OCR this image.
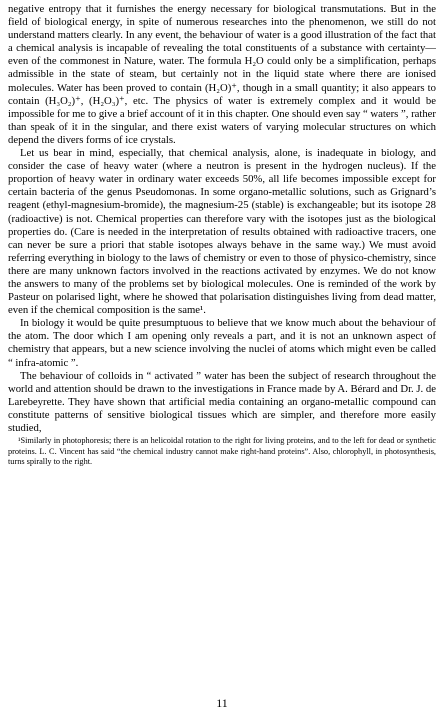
negative entropy that it furnishes the energy necessary for biological transmutations. But in the field of biological energy, in spite of numerous researches into the phenomenon, we still do not understand matters clearly. In any event, the behaviour of water is a good illustration of the fact that a chemical analysis is incapable of revealing the total constituents of a substance with certainty—even of the commonest in Nature, water. The formula H₂O could only be a simplification, perhaps admissible in the state of steam, but certainly not in the liquid state where there are ionised molecules. Water has been proved to contain (H₂O)⁺, though in a small quantity; it also appears to contain (H₃O₂)⁺, (H₂O₃)⁺, etc. The physics of water is extremely complex and it would be impossible for me to give a brief account of it in this chapter. One should even say “ waters ”, rather than speak of it in the singular, and there exist waters of varying molecular structures on which depend the divers forms of ice crystals.

Let us bear in mind, especially, that chemical analysis, alone, is inadequate in biology, and consider the case of heavy water (where a neutron is present in the hydrogen nucleus). If the proportion of heavy water in ordinary water exceeds 50%, all life becomes impossible except for certain bacteria of the genus Pseudomonas. In some organo-metallic solutions, such as Grignard’s reagent (ethyl-magnesium-bromide), the magnesium-25 (stable) is exchangeable; but its isotope 28 (radioactive) is not. Chemical properties can therefore vary with the isotopes just as the biological properties do. (Care is needed in the interpretation of results obtained with radioactive tracers, one can never be sure a priori that stable isotopes always behave in the same way.) We must avoid referring everything in biology to the laws of chemistry or even to those of physico-chemistry, since there are many unknown factors involved in the reactions activated by enzymes. We do not know the answers to many of the problems set by biological molecules. One is reminded of the work by Pasteur on polarised light, where he showed that polarisation distinguishes living from dead matter, even if the chemical composition is the same¹.

In biology it would be quite presumptuous to believe that we know much about the behaviour of the atom. The door which I am opening only reveals a part, and it is not an unknown aspect of chemistry that appears, but a new science involving the nuclei of atoms which might even be called “ infra-atomic ”.

The behaviour of colloids in “ activated ” water has been the subject of research throughout the world and attention should be drawn to the investigations in France made by A. Bérard and Dr. J. de Larebeyrette. They have shown that artificial media containing an organo-metallic compound can constitute patterns of sensitive biological tissues which are simpler, and therefore more easily studied,

¹Similarly in photophoresis; there is an helicoidal rotation to the right for living proteins, and to the left for dead or synthetic proteins. L. C. Vincent has said “the chemical industry cannot make right-hand proteins”. Also, chlorophyll, in photosynthesis, turns spirally to the right.

11
